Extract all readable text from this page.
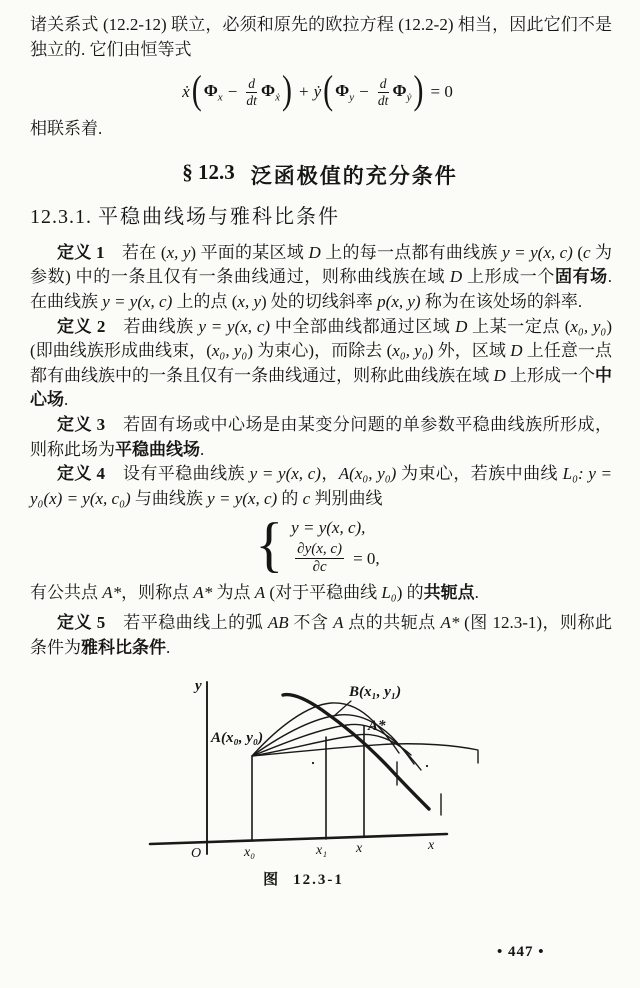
诸关系式 (12.2-12) 联立，必须和原先的欧拉方程 (12.2-2) 相当，因此它们不是独立的. 它们由恒等式

ẋ ( $\Phi_x - \frac{d}{dt} \Phi_ẋ$ ) + ẏ ( $\Phi_y - \frac{d}{dt} \Phi_ẏ$ ) = 0

相联系着.

§ 12.3 泛函极值的充分条件
12.3.1. 平稳曲线场与雅科比条件

定义 1　若在 (x, y) 平面的某区域 D 上的每一点都有曲线族 y = y(x, c) (c 为参数) 中的一条且仅有一条曲线通过，则称曲线族在域 D 上形成一个固有场. 在曲线族 y = y(x, c) 上的点 (x, y) 处的切线斜率 p(x, y) 称为在该处场的斜率.

定义 2　若曲线族 y = y(x, c) 中全部曲线都通过区域 D 上某一定点 (x₀, y₀) (即曲线族形成曲线束，(x₀, y₀) 为束心)，而除去 (x₀, y₀) 外，区域 D 上任意一点都有曲线族中的一条且仅有一条曲线通过，则称此曲线族在域 D 上形成一个中心场.

定义 3　若固有场或中心场是由某变分问题的单参数平稳曲线族所形成，则称此场为平稳曲线场.

定义 4　设有平稳曲线族 y = y(x, c)，A(x₀, y₀) 为束心，若族中曲线 L₀: y = y₀(x) = y(x, c₀) 与曲线族 y = y(x, c) 的 c 判别曲线

{ y = y(x, c),
$\frac{\partial y(x, c)}{\partial c} = 0$,

有公共点 A*，则称点 A* 为点 A (对于平稳曲线 L₀) 的共轭点.

定义 5　若平稳曲线上的弧 AB 不含 A 点的共轭点 A* (图 12.3-1)，则称此条件为雅科比条件.

y
O	x₀	x₁ x	x
A(x₀, y₀)
B(x₁, y₁)
A*
图 12.3-1
• 447 •
